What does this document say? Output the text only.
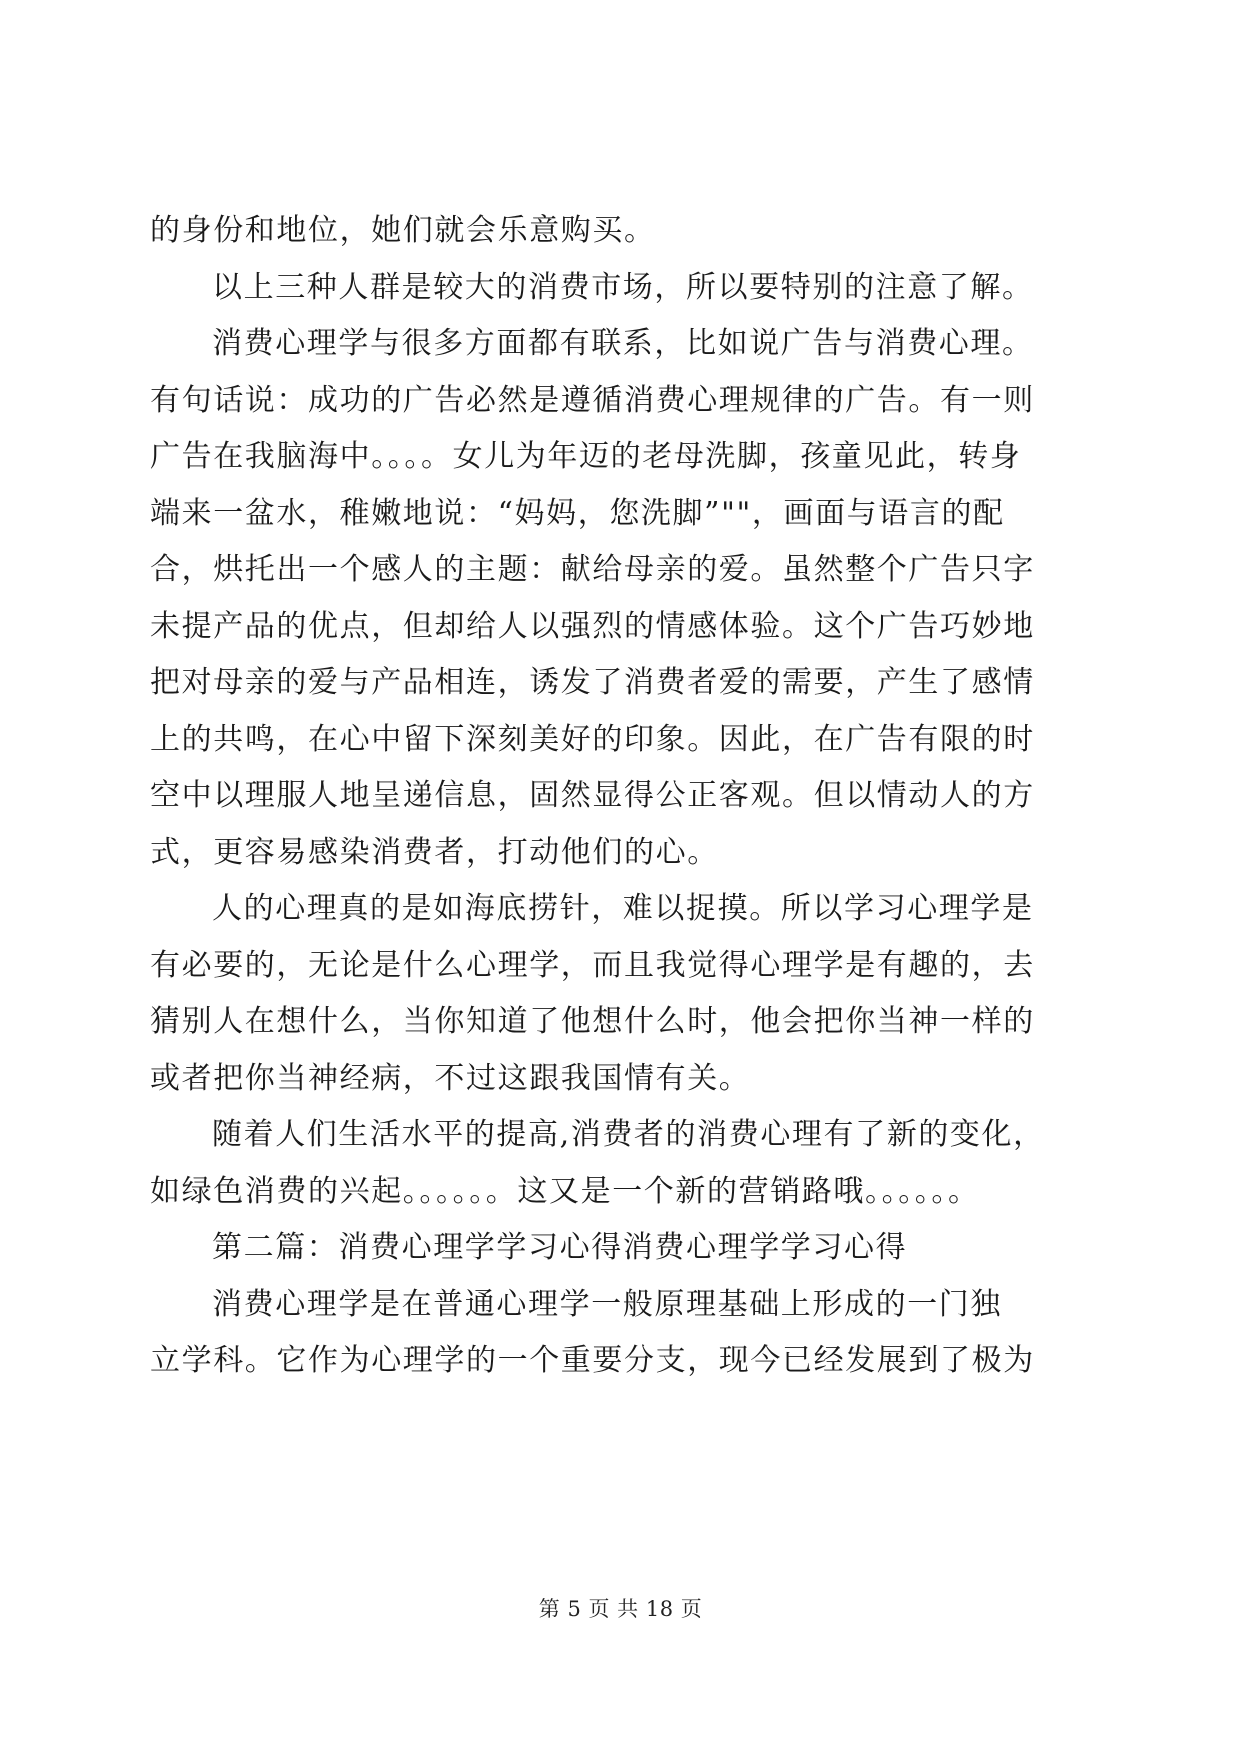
的身份和地位，她们就会乐意购买。
以上三种人群是较大的消费市场，所以要特别的注意了解。
消费心理学与很多方面都有联系，比如说广告与消费心理。
有句话说：成功的广告必然是遵循消费心理规律的广告。有一则
广告在我脑海中。。。。女儿为年迈的老母洗脚，孩童见此，转身
端来一盆水，稚嫩地说：“妈妈，您洗脚”""，画面与语言的配
合，烘托出一个感人的主题：献给母亲的爱。虽然整个广告只字
未提产品的优点，但却给人以强烈的情感体验。这个广告巧妙地
把对母亲的爱与产品相连，诱发了消费者爱的需要，产生了感情
上的共鸣，在心中留下深刻美好的印象。因此，在广告有限的时
空中以理服人地呈递信息，固然显得公正客观。但以情动人的方
式，更容易感染消费者，打动他们的心。
人的心理真的是如海底捞针，难以捉摸。所以学习心理学是
有必要的，无论是什么心理学，而且我觉得心理学是有趣的，去
猜别人在想什么，当你知道了他想什么时，他会把你当神一样的
或者把你当神经病，不过这跟我国情有关。
随着人们生活水平的提高,消费者的消费心理有了新的变化，
如绿色消费的兴起。。。。。。这又是一个新的营销路哦。。。。。。
第二篇：消费心理学学习心得消费心理学学习心得
消费心理学是在普通心理学一般原理基础上形成的一门独
立学科。它作为心理学的一个重要分支，现今已经发展到了极为
第 5 页 共 18 页
